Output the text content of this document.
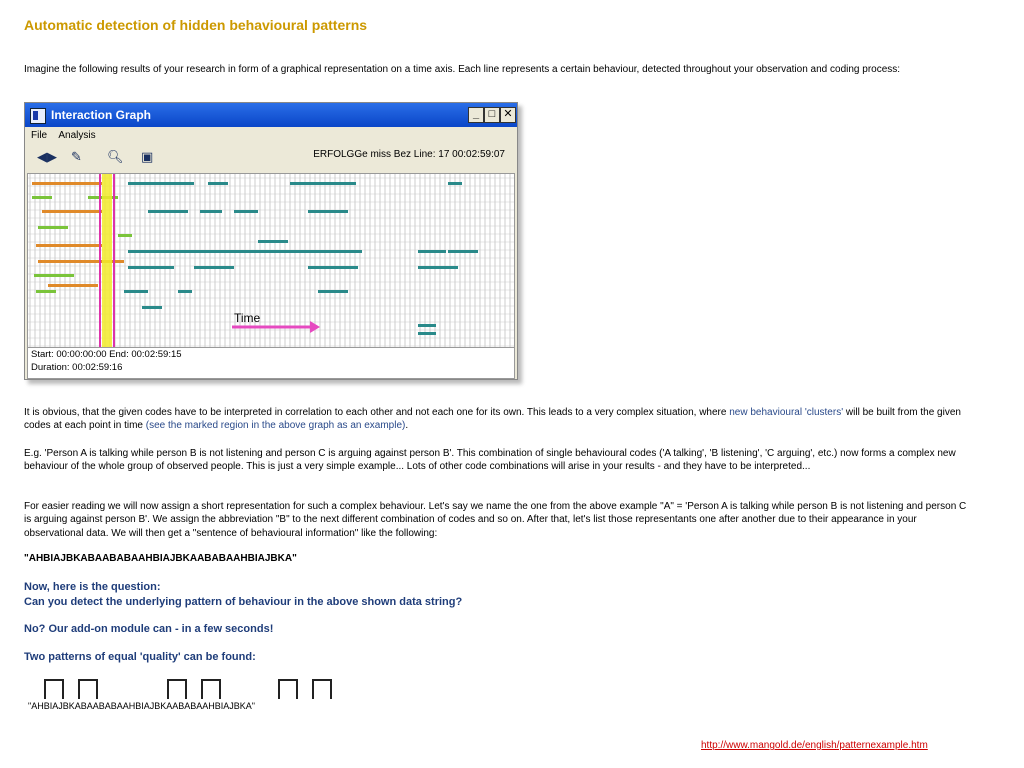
Automatic detection of hidden behavioural patterns
Imagine the following results of your research in form of a graphical representation on a time axis. Each line represents a certain behaviour, detected throughout your observation and coding process:
Interaction Graph	_ □ ✕
File Analysis
◀▶ ✎ 🔍︎ ▣	ERFOLGGe miss Bez Line: 17 00:02:59:07
Time
Start: 00:00:00:00 End: 00:02:59:15
Duration: 00:02:59:16
It is obvious, that the given codes have to be interpreted in correlation to each other and not each one for its own. This leads to a very complex situation, where new behavioural 'clusters' will be built from the given codes at each point in time (see the marked region in the above graph as an example).
E.g. 'Person A is talking while person B is not listening and person C is arguing against person B'. This combination of single behavioural codes ('A talking', 'B listening', 'C arguing', etc.) now forms a complex new behaviour of the whole group of observed people. This is just a very simple example... Lots of other code combinations will arise in your results - and they have to be interpreted...
For easier reading we will now assign a short representation for such a complex behaviour. Let's say we name the one from the above example "A" = 'Person A is talking while person B is not listening and person C is arguing against person B'. We assign the abbreviation "B" to the next different combination of codes and so on. After that, let's list those representants one after another due to their appearance in your observational data. We will then get a "sentence of behavioural information" like the following:
"AHBIAJBKABAABABAAHBIAJBKAABABAAHBIAJBKA"
Now, here is the question:
Can you detect the underlying pattern of behaviour in the above shown data string?
No? Our add-on module can - in a few seconds!
Two patterns of equal 'quality' can be found:
"AHBIAJBKABAABABAAHBIAJBKAABABAAHBIAJBKA"
http://www.mangold.de/english/patternexample.htm
